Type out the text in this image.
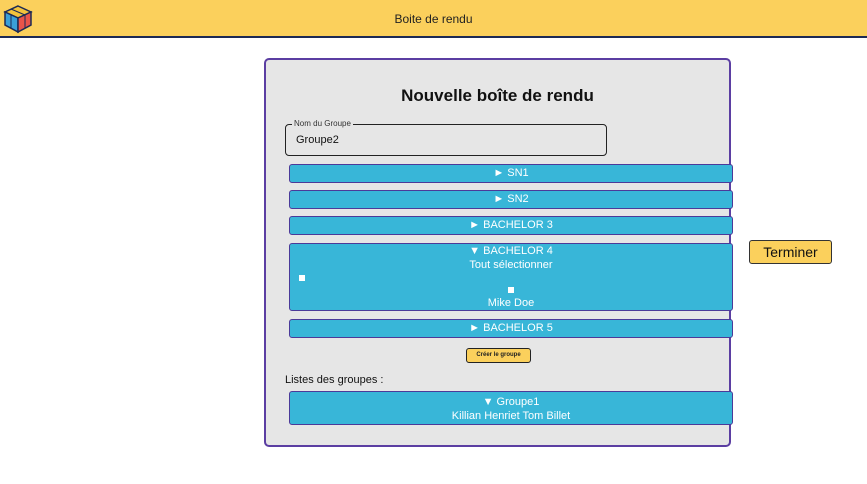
Boite de rendu
Nouvelle boîte de rendu
Nom du Groupe
Groupe2
► SN1
► SN2
► BACHELOR 3
▼ BACHELOR 4
Tout sélectionner
Mike Doe
► BACHELOR 5
Créer le groupe
Listes des groupes :
▼ Groupe1
Killian Henriet Tom Billet
Terminer
